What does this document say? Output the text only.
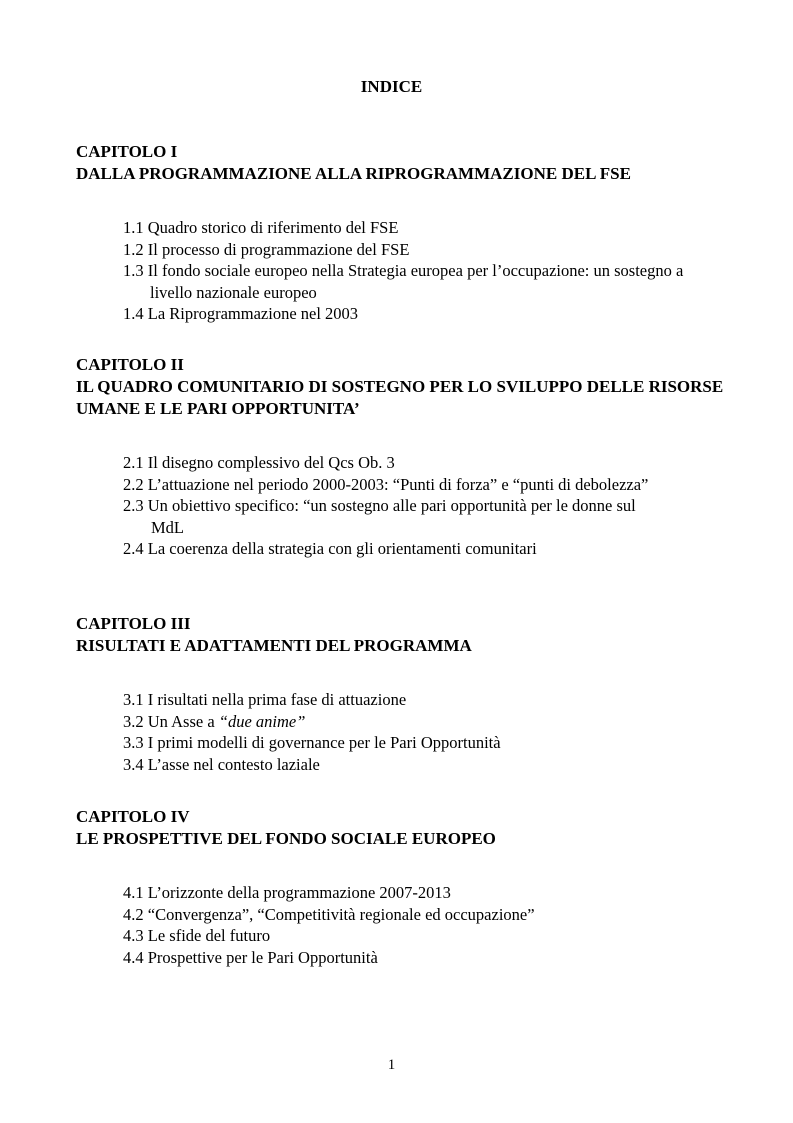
INDICE

CAPITOLO I

DALLA PROGRAMMAZIONE ALLA RIPROGRAMMAZIONE DEL FSE

1.1 Quadro storico di riferimento del FSE
1.2 Il processo di programmazione del FSE
1.3 Il fondo sociale europeo nella Strategia europea per l’occupazione: un sostegno a livello nazionale europeo
1.4 La Riprogrammazione nel 2003

CAPITOLO II

IL QUADRO COMUNITARIO DI SOSTEGNO PER LO SVILUPPO DELLE RISORSE UMANE E LE PARI OPPORTUNITA’

2.1 Il disegno complessivo del Qcs Ob. 3
2.2 L’attuazione nel periodo 2000-2003: “Punti di forza” e “punti di debolezza”
2.3 Un obiettivo specifico: “un sostegno alle pari opportunità per le donne sul MdL
2.4 La coerenza della strategia con gli orientamenti comunitari

CAPITOLO III

RISULTATI E ADATTAMENTI DEL PROGRAMMA

3.1 I risultati nella prima fase di attuazione
3.2 Un Asse a “due anime”
3.3 I primi modelli di governance per le Pari Opportunità
3.4 L’asse nel contesto laziale

CAPITOLO IV

LE PROSPETTIVE DEL FONDO SOCIALE EUROPEO

4.1 L’orizzonte della programmazione 2007-2013
4.2 “Convergenza”, “Competitività regionale ed occupazione”
4.3 Le sfide del futuro
4.4 Prospettive per le Pari Opportunità
1
